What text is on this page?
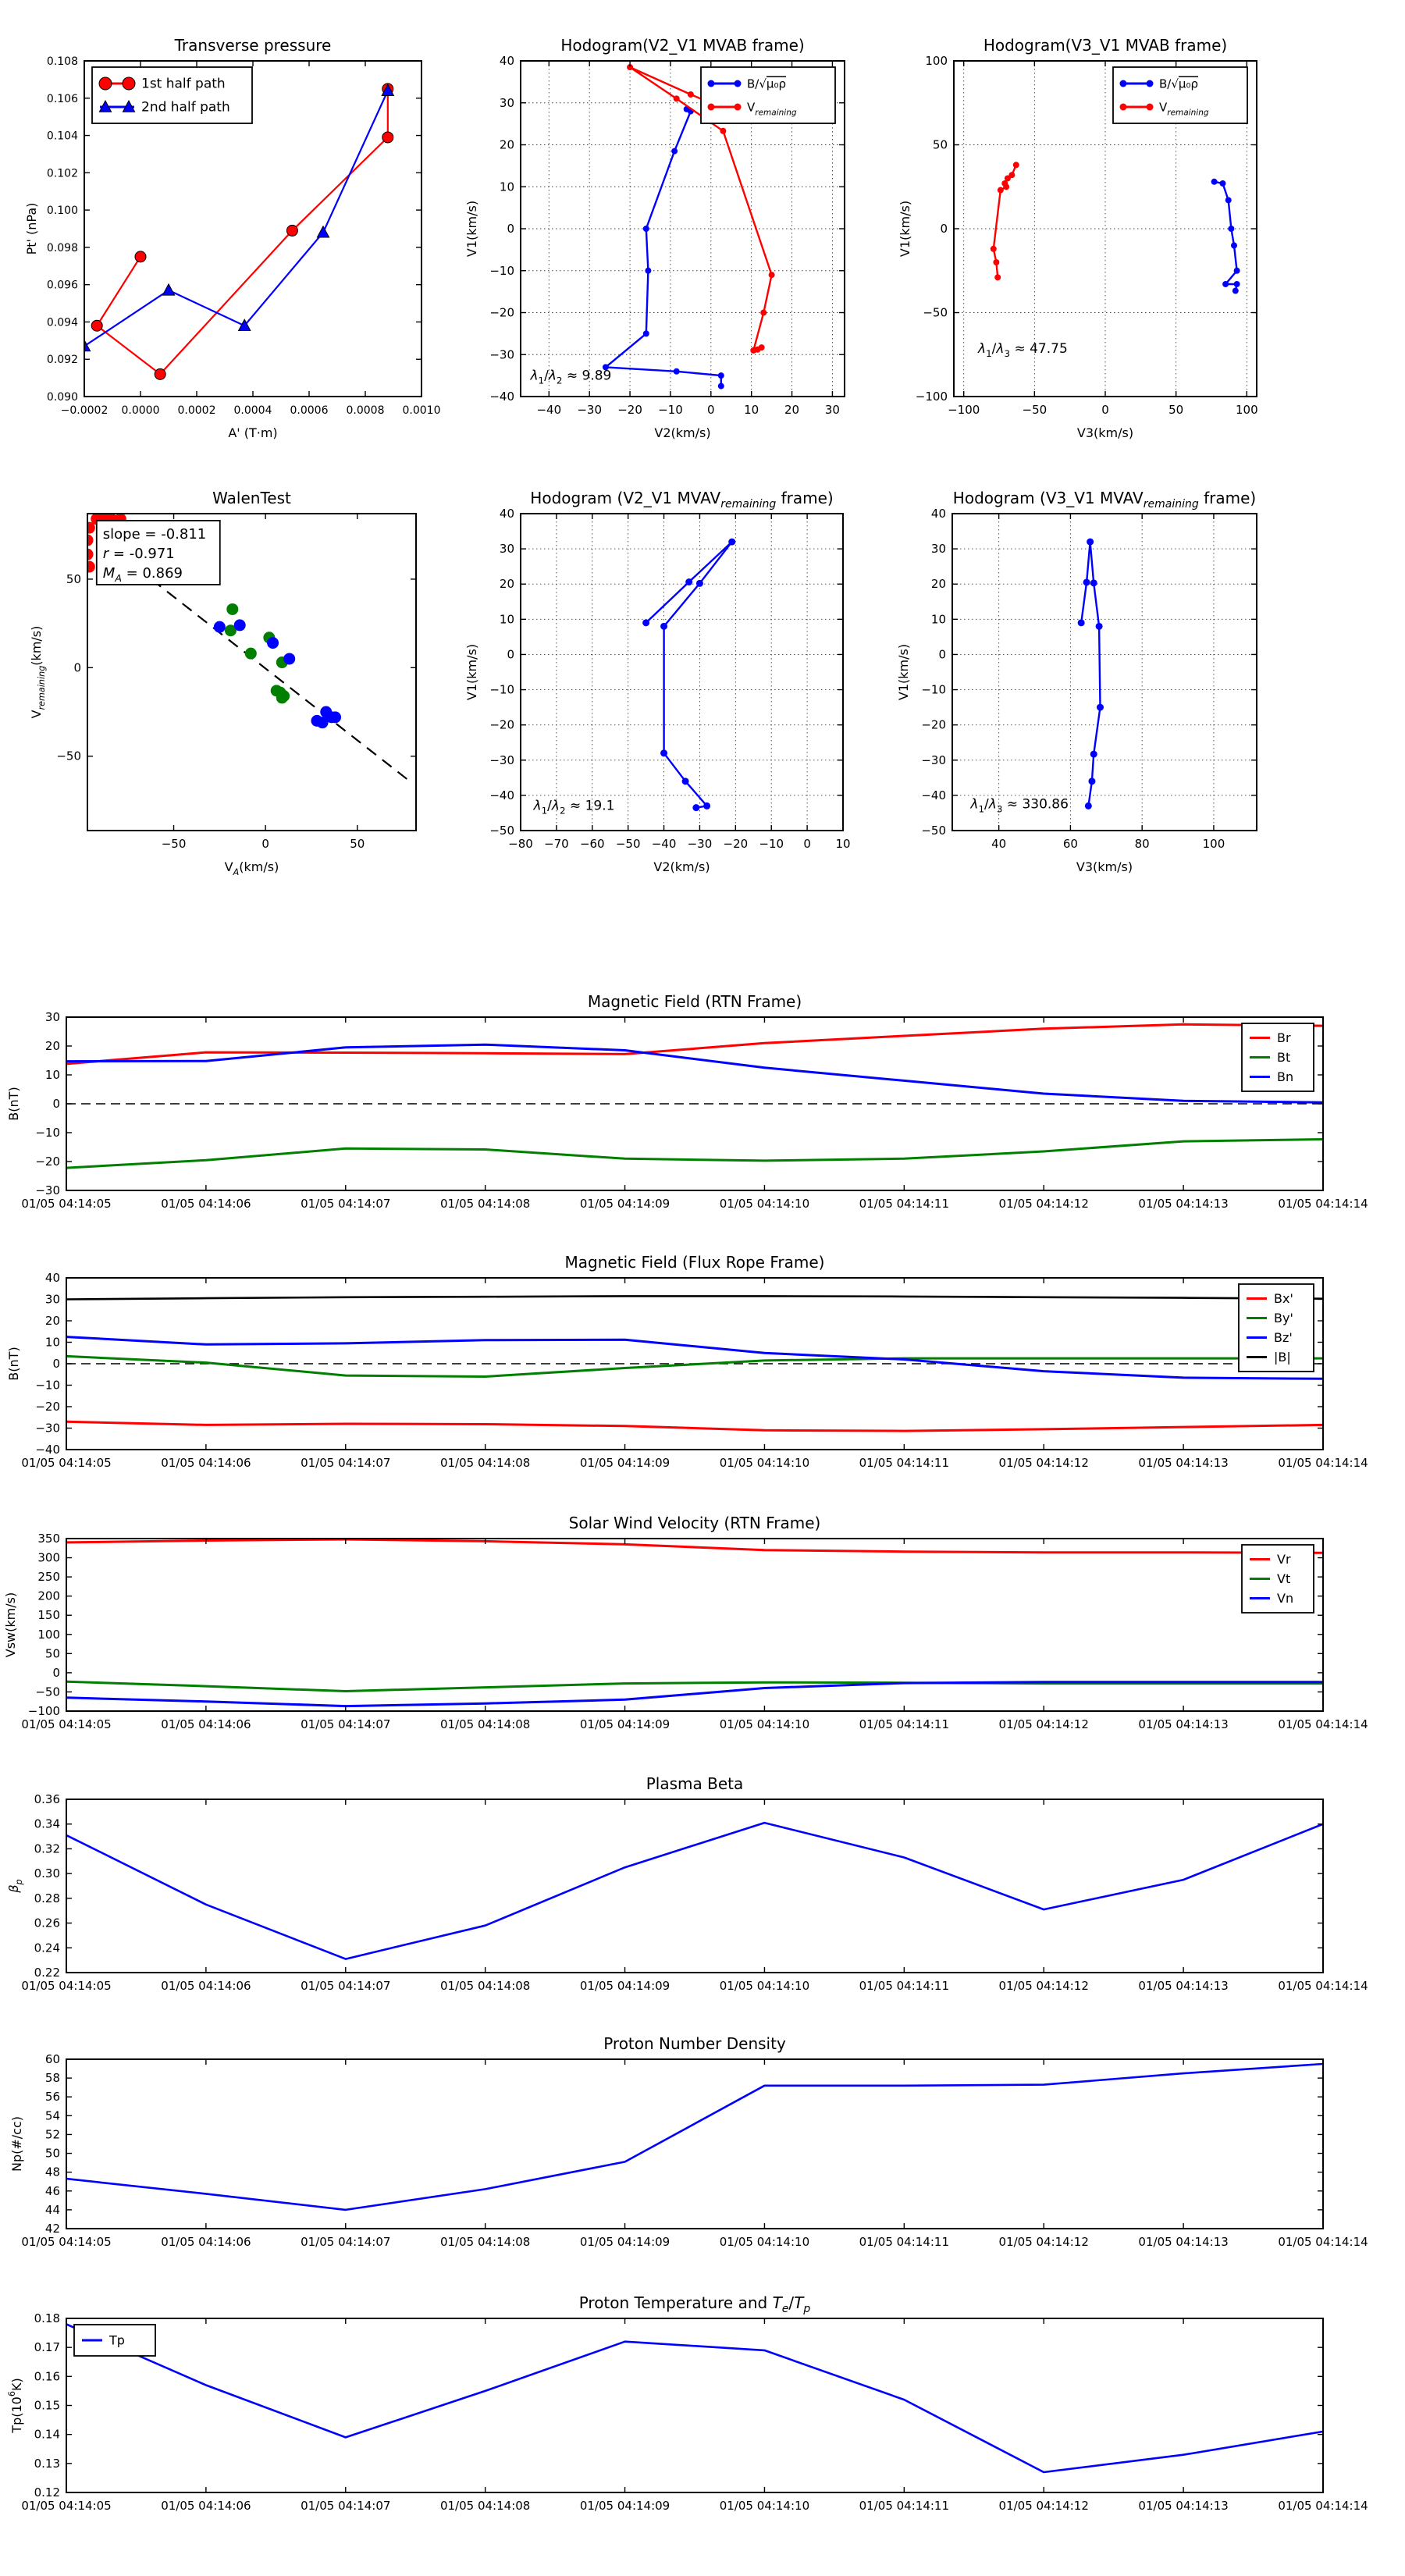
−0.0002 0.0000 0.0002 0.0004 0.0006 0.0008 0.0010
0.090
0.092
0.094
0.096
0.098
0.100
0.102
0.104
0.106
0.108
Transverse pressure
A' (T·m)
Pt' (nPa)
1st half path
2nd half path
−40 −30 −20 −10 0	10 20 30
−40
−30
−20
−10
0
10
20
30
40
Hodogram(V2_V1 MVAB frame)
V2(km/s)
V1(km/s)
B/√μ₀ρ
$V_{remaining}$
$\lambda_1/\lambda_2 \approx 9.89$
−100	−50	0	50	100
−100
−50
0
50
100
Hodogram(V3_V1 MVAB frame)
V3(km/s)
V1(km/s)
B/√μ₀ρ
$V_{remaining}$
$\lambda_1/\lambda_3 \approx 47.75$
−50	0	50
−50
0
50
WalenTest
$V_A(km/s)$
$V_{remaining}(km/s)$
slope = -0.811
r = -0.971
$M_A = 0.869$
−80 −70 −60 −50 −40 −30 −20 −10 0 10
−50
−40
−30
−20
−10
0
10
20
30
40
Hodogram (V2_V1 $MVAV_{remaining}$ frame)
V2(km/s)
V1(km/s)
$\lambda_1/\lambda_2 \approx 19.1$
40	60	80	100
−50
−40
−30
−20
−10
0
10
20
30
40
Hodogram (V3_V1 $MVAV_{remaining}$ frame)
V3(km/s)
V1(km/s)
$\lambda_1/\lambda_3 \approx 330.86$
01/05 04:14:05	01/05 04:14:06	01/05 04:14:07	01/05 04:14:08	01/05 04:14:09	01/05 04:14:10	01/05 04:14:11	01/05 04:14:12	01/05 04:14:13	01/05 04:14:14
−30
−20
−10
0
10
20
30
Magnetic Field (RTN Frame)
B(nT)
Br
Bt
Bn
01/05 04:14:05	01/05 04:14:06	01/05 04:14:07	01/05 04:14:08	01/05 04:14:09	01/05 04:14:10	01/05 04:14:11	01/05 04:14:12	01/05 04:14:13	01/05 04:14:14
−40
−30
−20
−10
0
10
20
30
40
Magnetic Field (Flux Rope Frame)
B(nT)
Bx'
By'
Bz'
|B|
01/05 04:14:05	01/05 04:14:06	01/05 04:14:07	01/05 04:14:08	01/05 04:14:09	01/05 04:14:10	01/05 04:14:11	01/05 04:14:12	01/05 04:14:13	01/05 04:14:14
−100
−50
0
50
100
150
200
250
300
350
Solar Wind Velocity (RTN Frame)
Vsw(km/s)
Vr
Vt
Vn
01/05 04:14:05	01/05 04:14:06	01/05 04:14:07	01/05 04:14:08	01/05 04:14:09	01/05 04:14:10	01/05 04:14:11	01/05 04:14:12	01/05 04:14:13	01/05 04:14:14
0.22
0.24
0.26
0.28
0.30
0.32
0.34
0.36
Plasma Beta
$\beta_p$
01/05 04:14:05	01/05 04:14:06	01/05 04:14:07	01/05 04:14:08	01/05 04:14:09	01/05 04:14:10	01/05 04:14:11	01/05 04:14:12	01/05 04:14:13	01/05 04:14:14
42
44
46
48
50
52
54
56
58
60
Proton Number Density
Np(#/cc)
01/05 04:14:05	01/05 04:14:06	01/05 04:14:07	01/05 04:14:08	01/05 04:14:09	01/05 04:14:10	01/05 04:14:11	01/05 04:14:12	01/05 04:14:13	01/05 04:14:14
0.12
0.13
0.14
0.15
0.16
0.17
0.18
Proton Temperature and $T_e/T_p$
$Tp(10^6K)$
Tp
